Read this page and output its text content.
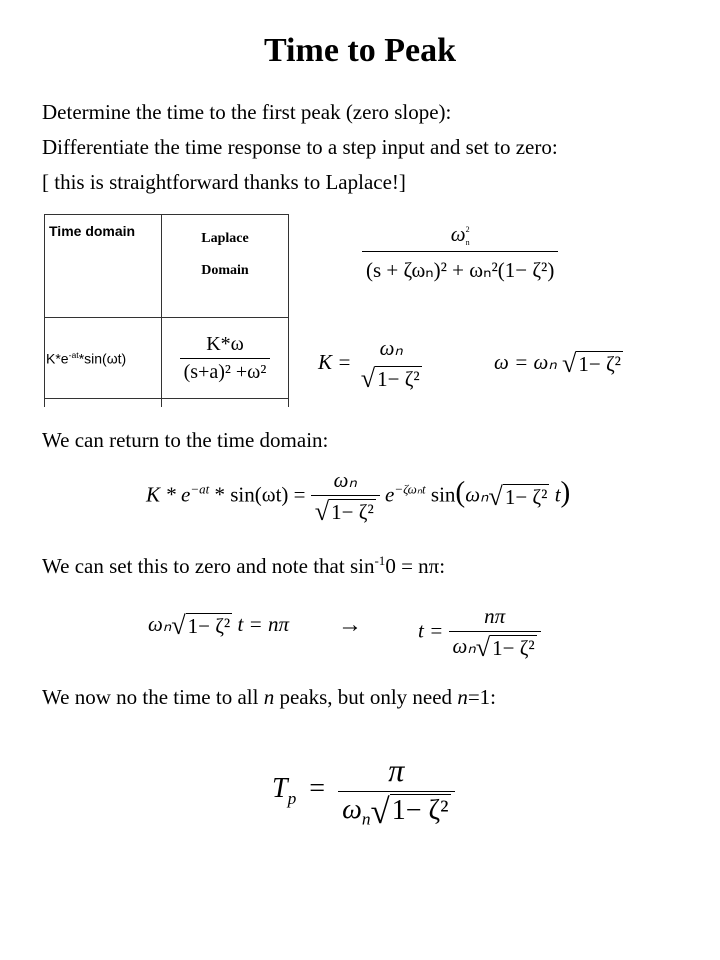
Time to Peak
Determine the time to the first peak (zero slope):
Differentiate the time response to a step input and set to zero:
[ this is straightforward thanks to Laplace!]
Time domain	Laplace
Domain

$K*e^{-at}*\sin(\omega t)$	$\frac{K*\omega}{\text{(s+a)² +ω²}}$

ω 2
n
(s + ζωₙ)² + ωₙ²(1− ζ²)
K =
ωₙ
√ 1− ζ²
ω = ωₙ √ 1− ζ²
We can return to the time domain:
$K * e^{-at} * \sin(\omega t) = \frac{\text{ωₙ}}{\text{√ 1− ζ²}} e^{-\zeta\omega_nt}$ sin(ωₙ √ 1− ζ² t)
We can set this to zero and note that $\sin^{-1}0 = n\pi$:
ωₙ √ 1− ζ² t = nπ →	$t = \frac{n\pi}{\text{ωₙ √ 1− ζ²}}$
We now no the time to all n peaks, but only need n=1:
$T_p = \frac{\pi}{\omega_n √ 1- \zeta^2}$
